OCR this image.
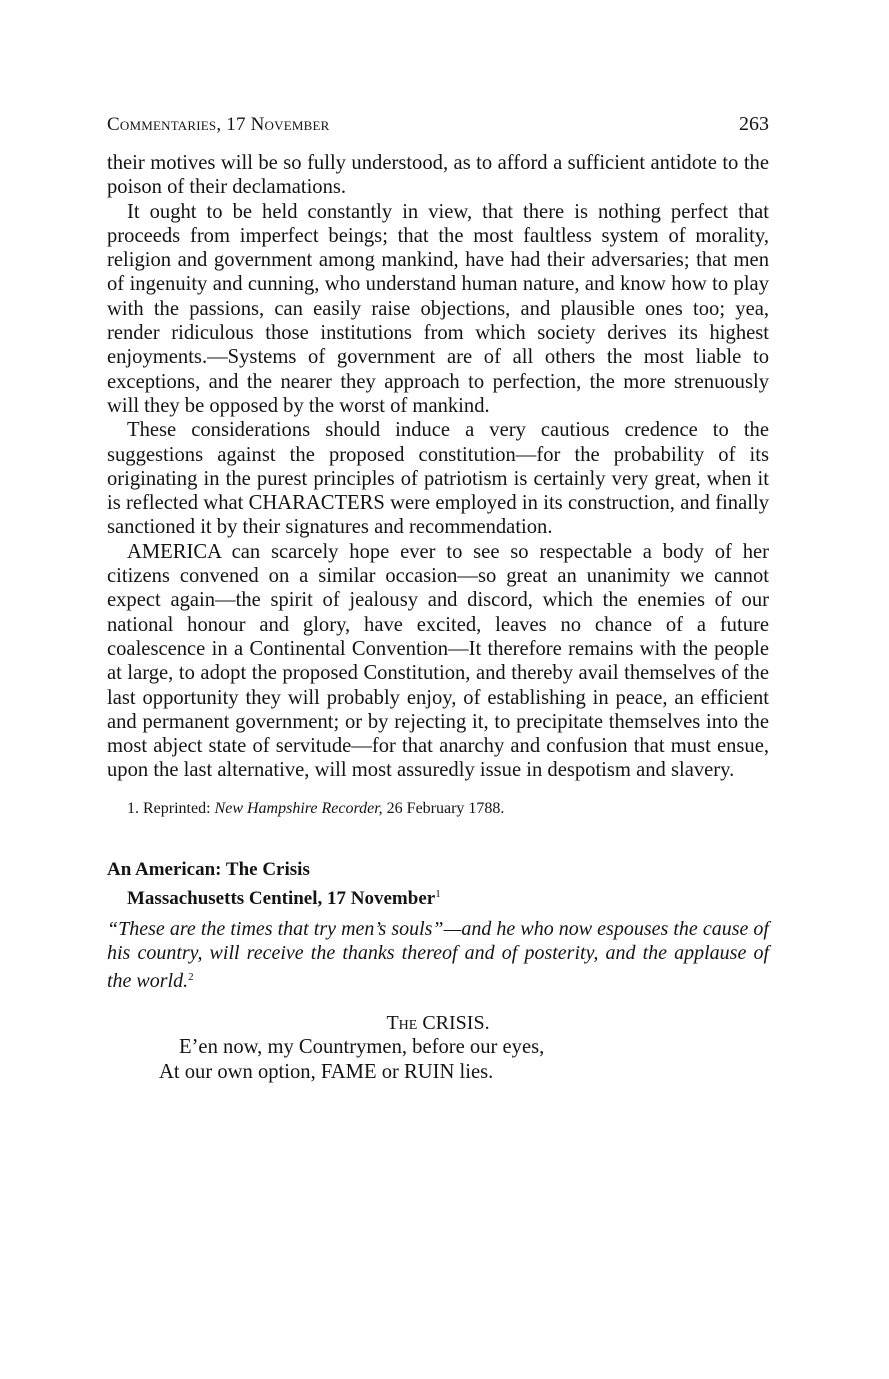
Commentaries, 17 November	263

their motives will be so fully understood, as to afford a sufficient antidote to the poison of their declamations.

It ought to be held constantly in view, that there is nothing perfect that proceeds from imperfect beings; that the most faultless system of morality, religion and government among mankind, have had their adversaries; that men of ingenuity and cunning, who understand human nature, and know how to play with the passions, can easily raise objections, and plausible ones too; yea, render ridiculous those institutions from which society derives its highest enjoyments.—Systems of government are of all others the most liable to exceptions, and the nearer they approach to perfection, the more strenuously will they be opposed by the worst of mankind.

These considerations should induce a very cautious credence to the suggestions against the proposed constitution—for the probability of its originating in the purest principles of patriotism is certainly very great, when it is reflected what CHARACTERS were employed in its construction, and finally sanctioned it by their signatures and recommendation.

AMERICA can scarcely hope ever to see so respectable a body of her citizens convened on a similar occasion—so great an unanimity we cannot expect again—the spirit of jealousy and discord, which the enemies of our national honour and glory, have excited, leaves no chance of a future coalescence in a Continental Convention—It therefore remains with the people at large, to adopt the proposed Constitution, and thereby avail themselves of the last opportunity they will probably enjoy, of establishing in peace, an efficient and permanent government; or by rejecting it, to precipitate themselves into the most abject state of servitude—for that anarchy and confusion that must ensue, upon the last alternative, will most assuredly issue in despotism and slavery.

1. Reprinted: New Hampshire Recorder, 26 February 1788.
An American: The Crisis
Massachusetts Centinel, 17 November$^1$
“These are the times that try men’s souls”—and he who now espouses the cause of his country, will receive the thanks thereof and of posterity, and the applause of the world.$^2$
The CRISIS.
E’en now, my Countrymen, before our eyes,
At our own option, FAME or RUIN lies.
